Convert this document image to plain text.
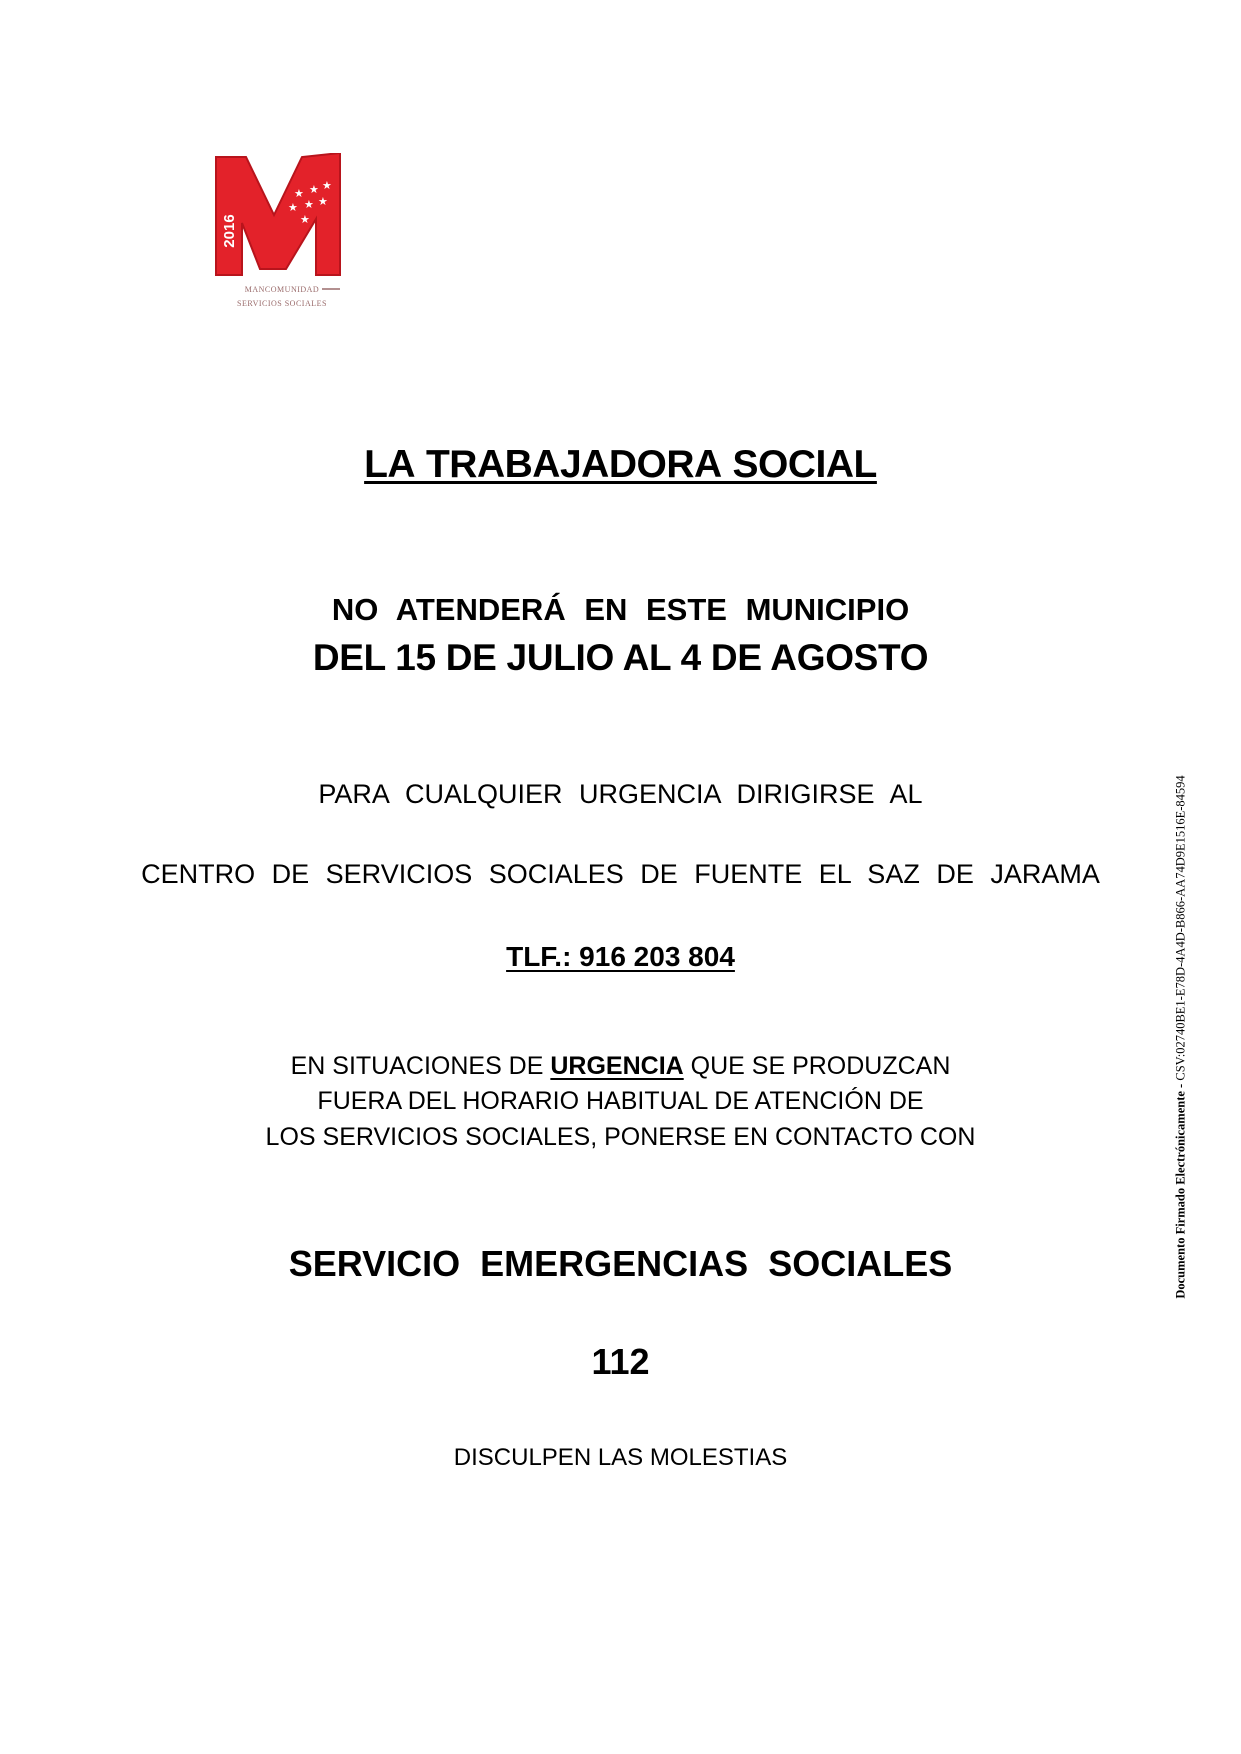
2016
★ ★ ★
★ ★ ★
★
MANCOMUNIDAD
SERVICIOS SOCIALES
LA TRABAJADORA SOCIAL
NO ATENDERÁ EN ESTE MUNICIPIO
DEL 15 DE JULIO AL 4 DE AGOSTO
PARA CUALQUIER URGENCIA DIRIGIRSE AL
CENTRO DE SERVICIOS SOCIALES DE FUENTE EL SAZ DE JARAMA
TLF.: 916 203 804
EN SITUACIONES DE URGENCIA QUE SE PRODUZCAN
FUERA DEL HORARIO HABITUAL DE ATENCIÓN DE
LOS SERVICIOS SOCIALES, PONERSE EN CONTACTO CON
SERVICIO EMERGENCIAS SOCIALES
112
DISCULPEN LAS MOLESTIAS
Documento Firmado Electrónicamente - CSV:02740BE1-E78D-4A4D-B866-AA74D9E1516E-84594
